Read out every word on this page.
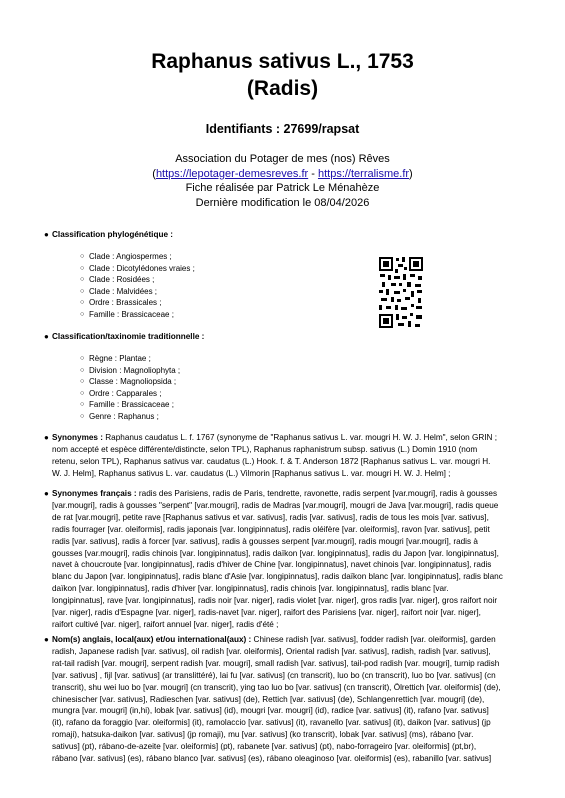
Raphanus sativus L., 1753
(Radis)

Identifiants : 27699/rapsat

Association du Potager de mes (nos) Rêves
(https://lepotager-demesreves.fr - https://terralisme.fr)
Fiche réalisée par Patrick Le Ménahèze
Dernière modification le 08/04/2026

● Classification phylogénétique :
○ Clade : Angiospermes ;
○ Clade : Dicotylédones vraies ;
○ Clade : Rosidées ;
○ Clade : Malvidées ;
○ Ordre : Brassicales ;
○ Famille : Brassicaceae ;
● Classification/taxinomie traditionnelle :
○ Règne : Plantae ;
○ Division : Magnoliophyta ;
○ Classe : Magnoliopsida ;
○ Ordre : Capparales ;
○ Famille : Brassicaceae ;
○ Genre : Raphanus ;
● Synonymes : Raphanus caudatus L. f. 1767 (synonyme de "Raphanus sativus L. var. mougri H. W. J. Helm", selon GRIN ;
nom accepté et espèce différente/distincte, selon TPL), Raphanus raphanistrum subsp. sativus (L.) Domin 1910 (nom
retenu, selon TPL), Raphanus sativus var. caudatus (L.) Hook. f. & T. Anderson 1872 [Raphanus sativus L. var. mougri H.
W. J. Helm], Raphanus sativus L. var. caudatus (L.) Vilmorin [Raphanus sativus L. var. mougri H. W. J. Helm] ;
● Synonymes français : radis des Parisiens, radis de Paris, tendrette, ravonette, radis serpent [var.mougri], radis à gousses
[var.mougri], radis à gousses "serpent" [var.mougri], radis de Madras [var.mougri], mougri de Java [var.mougri], radis queue
de rat [var.mougri], petite rave [Raphanus sativus et var. sativus], radis [var. sativus], radis de tous les mois [var. sativus],
radis fourrager [var. oleiformis], radis japonais [var. longipinnatus], radis oléifère [var. oleiformis], ravon [var. sativus], petit
radis [var. sativus], radis à forcer [var. sativus], radis à gousses serpent [var.mougri], radis mougri [var.mougri], radis à
gousses [var.mougri], radis chinois [var. longipinnatus], radis daïkon [var. longipinnatus], radis du Japon [var. longipinnatus],
navet à choucroute [var. longipinnatus], radis d'hiver de Chine [var. longipinnatus], navet chinois [var. longipinnatus], radis
blanc du Japon [var. longipinnatus], radis blanc d'Asie [var. longipinnatus], radis daïkon blanc [var. longipinnatus], radis blanc
daïkon [var. longipinnatus], radis d'hiver [var. longipinnatus], radis chinois [var. longipinnatus], radis blanc [var.
longipinnatus], rave [var. longipinnatus], radis noir [var. niger], radis violet [var. niger], gros radis [var. niger], gros raifort noir
[var. niger], radis d'Espagne [var. niger], radis-navet [var. niger], raifort des Parisiens [var. niger], raifort noir [var. niger],
raifort cultivé [var. niger], raifort annuel [var. niger], radis d'été ;
● Nom(s) anglais, local(aux) et/ou international(aux) : Chinese radish [var. sativus], fodder radish [var. oleiformis], garden
radish, Japanese radish [var. sativus], oil radish [var. oleiformis], Oriental radish [var. sativus], radish, radish [var. sativus],
rat-tail radish [var. mougri], serpent radish [var. mougri], small radish [var. sativus], tail-pod radish [var. mougri], turnip radish
[var. sativus] , fijl [var. sativus] (ar translittéré), lai fu [var. sativus] (cn transcrit), luo bo (cn transcrit), luo bo [var. sativus] (cn
transcrit), shu wei luo bo [var. mougri] (cn transcrit), ying tao luo bo [var. sativus] (cn transcrit), Ölrettich [var. oleiformis] (de),
chinesischer [var. sativus], Radieschen [var. sativus] (de), Rettich [var. sativus] (de), Schlangenrettich [var. mougri] (de),
mungra [var. mougri] (in,hi), lobak [var. sativus] (id), mougri [var. mougri] (id), radice [var. sativus] (it), rafano [var. sativus]
(it), rafano da foraggio [var. oleiformis] (it), ramolaccio [var. sativus] (it), ravanello [var. sativus] (it), daikon [var. sativus] (jp
romaji), hatsuka-daikon [var. sativus] (jp romaji), mu [var. sativus] (ko transcrit), lobak [var. sativus] (ms), rábano [var.
sativus] (pt), rábano-de-azeite [var. oleiformis] (pt), rabanete [var. sativus] (pt), nabo-forrageiro [var. oleiformis] (pt,br),
rábano [var. sativus] (es), rábano blanco [var. sativus] (es), rábano oleaginoso [var. oleiformis] (es), rabanillo [var. sativus]
